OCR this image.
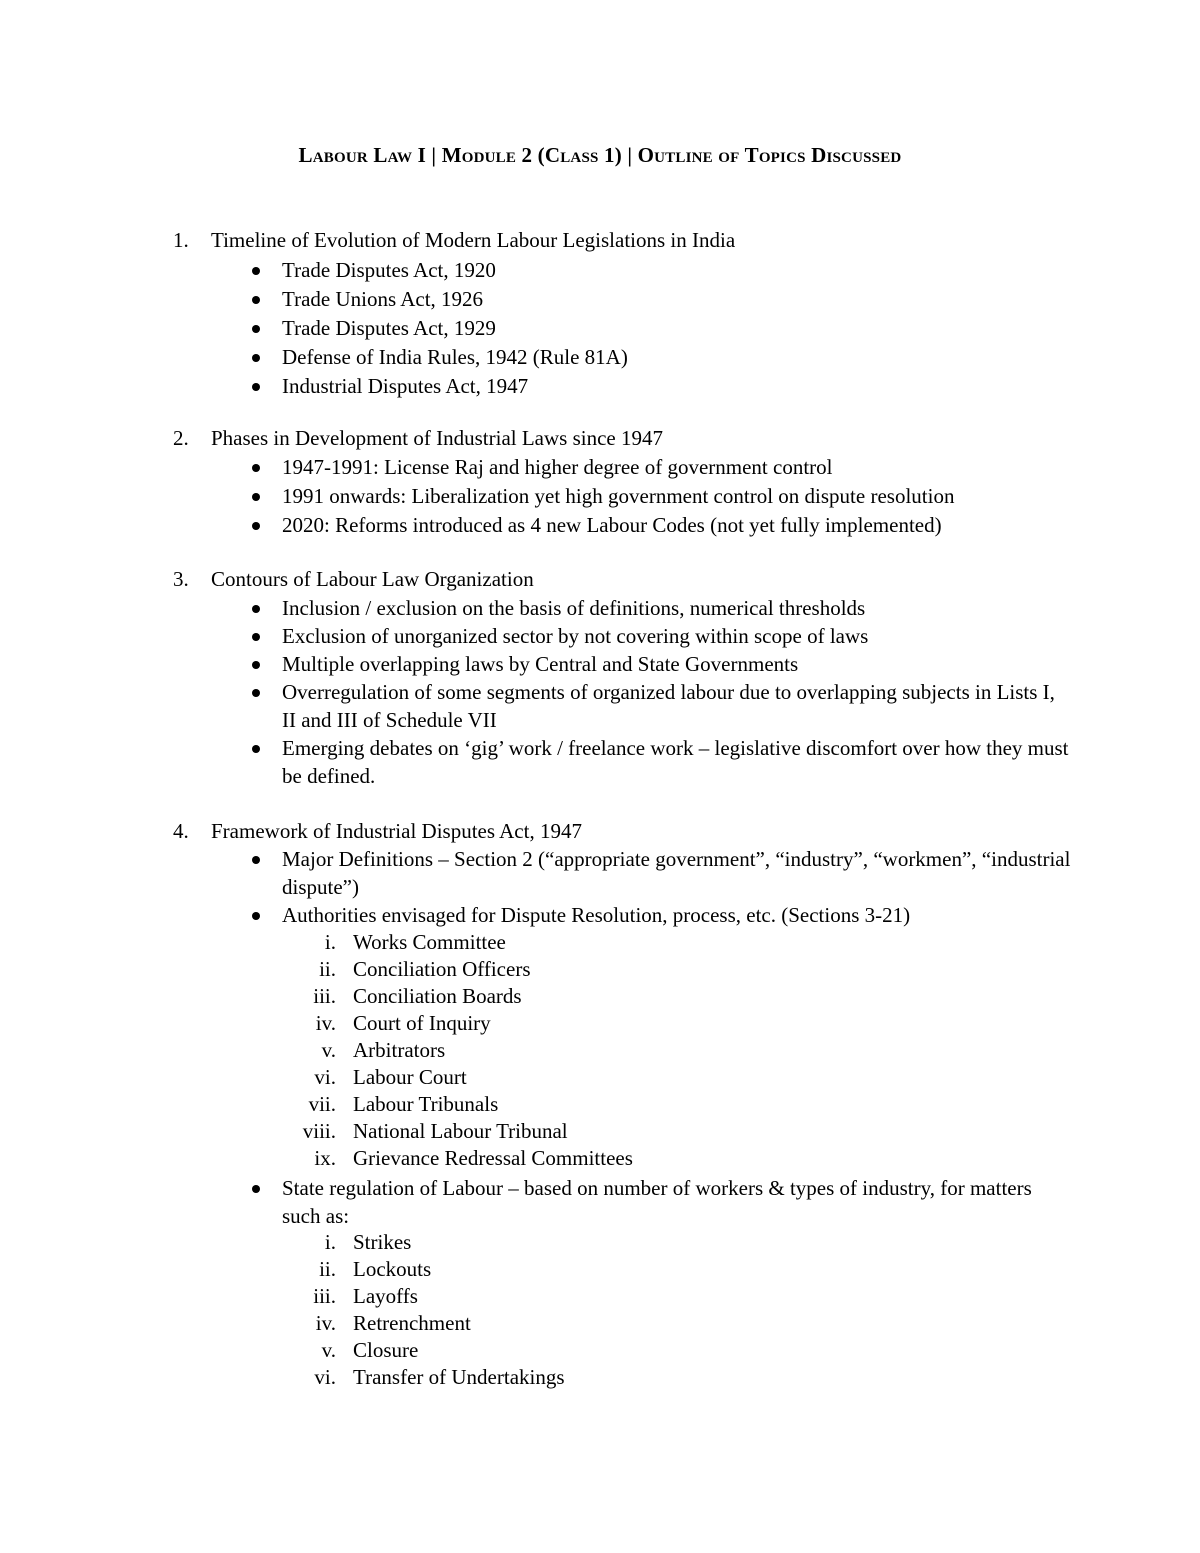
Labour Law I | Module 2 (Class 1) | Outline of Topics Discussed
1.	Timeline of Evolution of Modern Labour Legislations in India
Trade Disputes Act, 1920
Trade Unions Act, 1926
Trade Disputes Act, 1929
Defense of India Rules, 1942 (Rule 81A)
Industrial Disputes Act, 1947
2.	Phases in Development of Industrial Laws since 1947
1947-1991: License Raj and higher degree of government control
1991 onwards: Liberalization yet high government control on dispute resolution
2020: Reforms introduced as 4 new Labour Codes (not yet fully implemented)
3.	Contours of Labour Law Organization
Inclusion / exclusion on the basis of definitions, numerical thresholds
Exclusion of unorganized sector by not covering within scope of laws
Multiple overlapping laws by Central and State Governments
Overregulation of some segments of organized labour due to overlapping subjects in Lists I, II and III of Schedule VII
Emerging debates on ‘gig’ work / freelance work – legislative discomfort over how they must be defined.
4.	Framework of Industrial Disputes Act, 1947
Major Definitions – Section 2 (“appropriate government”, “industry”, “workmen”, “industrial dispute”)
Authorities envisaged for Dispute Resolution, process, etc. (Sections 3-21)
i. Works Committee
ii. Conciliation Officers
iii. Conciliation Boards
iv. Court of Inquiry
v. Arbitrators
vi. Labour Court
vii. Labour Tribunals
viii. National Labour Tribunal
ix. Grievance Redressal Committees
State regulation of Labour – based on number of workers & types of industry, for matters such as:
i. Strikes
ii. Lockouts
iii. Layoffs
iv. Retrenchment
v. Closure
vi. Transfer of Undertakings
